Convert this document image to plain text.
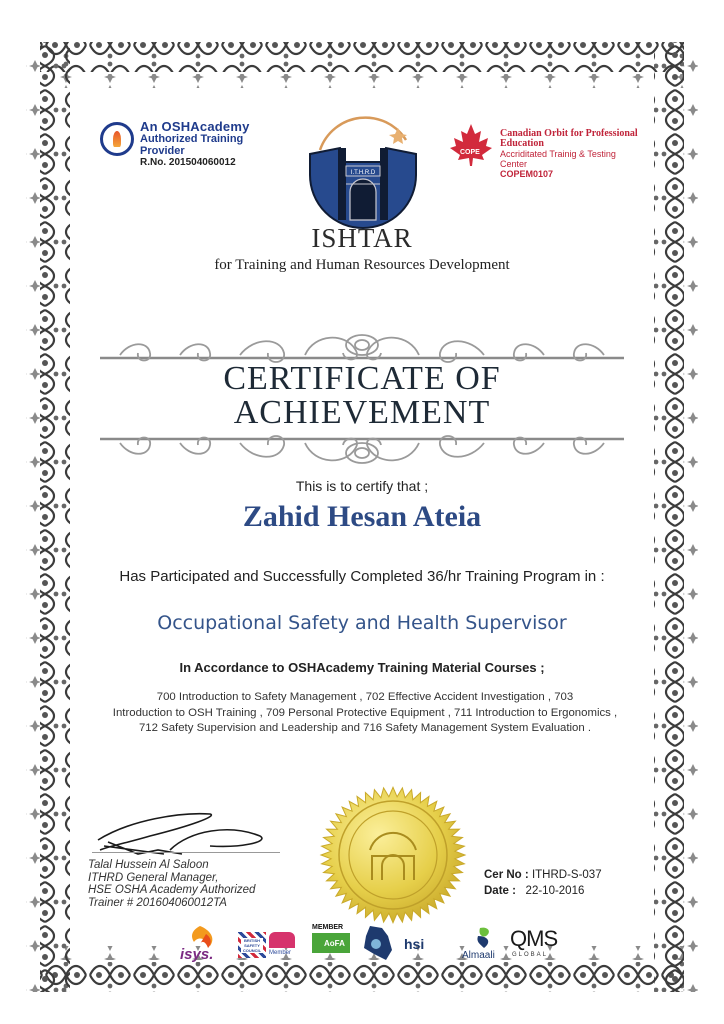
An OSHAcademy
Authorized Training Provider
R.No. 201504060012
I.T.H.R.D
COPE
Canadian Orbit for Professional Education
Accriditated Trainig & Testing Center
COPEM0107
ISHTAR
for Training and Human Resources Development
CERTIFICATE OF
ACHIEVEMENT
This is to certify that ;
Zahid Hesan Ateia
Has Participated and Successfully Completed 36/hr Training Program in :
Occupational Safety and Health Supervisor
In Accordance to OSHAcademy Training Material Courses ;
700 Introduction to Safety Management , 702 Effective Accident Investigation , 703
Introduction to OSH Training , 709 Personal Protective Equipment , 711 Introduction to Ergonomics ,
712 Safety Supervision and Leadership and 716 Safety Management System Evaluation .
Talal Hussein Al Saloon
ITHRD General Manager,
HSE OSHA Academy Authorized
Trainer # 201604060012TA
Cer No : ITHRD-S-037
Date : 22-10-2016
isys.
BRITISH SAFETY COUNCIL	Member
MEMBER
AoFA	hsi
Almaali
QMS
GLOBAL
